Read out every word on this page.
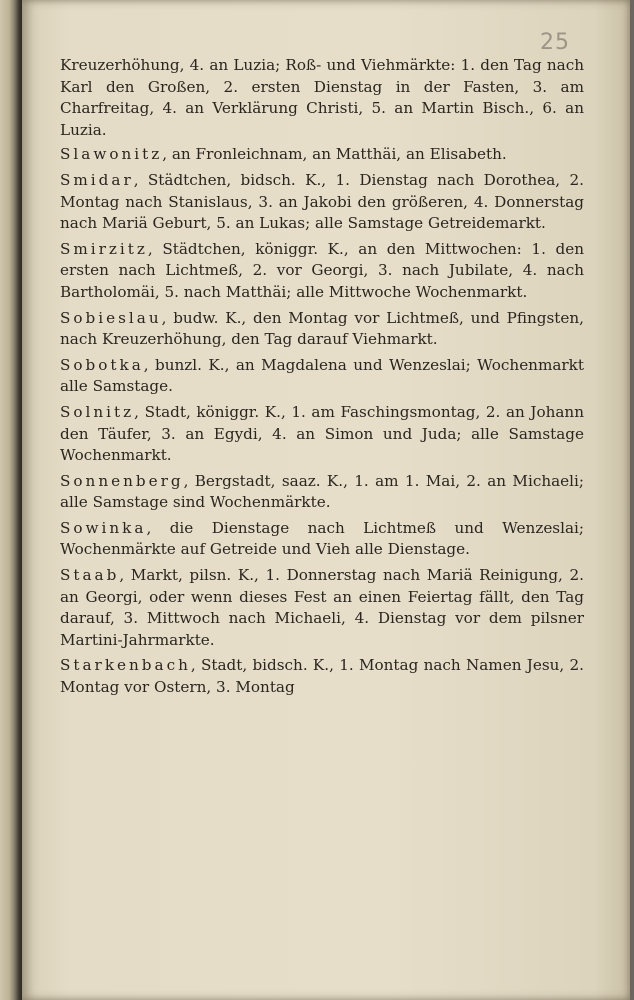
25

Kreuzerhöhung, 4. an Luzia; Roß- und Viehmärkte: 1. den Tag nach Karl den Großen, 2. ersten Dienstag in der Fasten, 3. am Charfreitag, 4. an Verklärung Christi, 5. an Martin Bisch., 6. an Luzia.

Slawonitz, an Fronleichnam, an Matthäi, an Elisabeth.

Smidar, Städtchen, bidsch. K., 1. Dienstag nach Dorothea, 2. Montag nach Stanislaus, 3. an Jakobi den größeren, 4. Donnerstag nach Mariä Geburt, 5. an Lukas; alle Samstage Getreidemarkt.

Smirzitz, Städtchen, königgr. K., an den Mittwochen: 1. den ersten nach Lichtmeß, 2. vor Georgi, 3. nach Jubilate, 4. nach Bartholomäi, 5. nach Matthäi; alle Mittwoche Wochenmarkt.

Sobieslau, budw. K., den Montag vor Lichtmeß, und Pfingsten, nach Kreuzerhöhung, den Tag darauf Viehmarkt.

Sobotka, bunzl. K., an Magdalena und Wenzeslai; Wochenmarkt alle Samstage.

Solnitz, Stadt, königgr. K., 1. am Faschingsmontag, 2. an Johann den Täufer, 3. an Egydi, 4. an Simon und Juda; alle Samstage Wochenmarkt.

Sonnenberg, Bergstadt, saaz. K., 1. am 1. Mai, 2. an Michaeli; alle Samstage sind Wochenmärkte.

Sowinka, die Dienstage nach Lichtmeß und Wenzeslai; Wochenmärkte auf Getreide und Vieh alle Dienstage.

Staab, Markt, pilsn. K., 1. Donnerstag nach Mariä Reinigung, 2. an Georgi, oder wenn dieses Fest an einen Feiertag fällt, den Tag darauf, 3. Mittwoch nach Michaeli, 4. Dienstag vor dem pilsner Martini-Jahrmarkte.

Starkenbach, Stadt, bidsch. K., 1. Montag nach Namen Jesu, 2. Montag vor Ostern, 3. Montag
